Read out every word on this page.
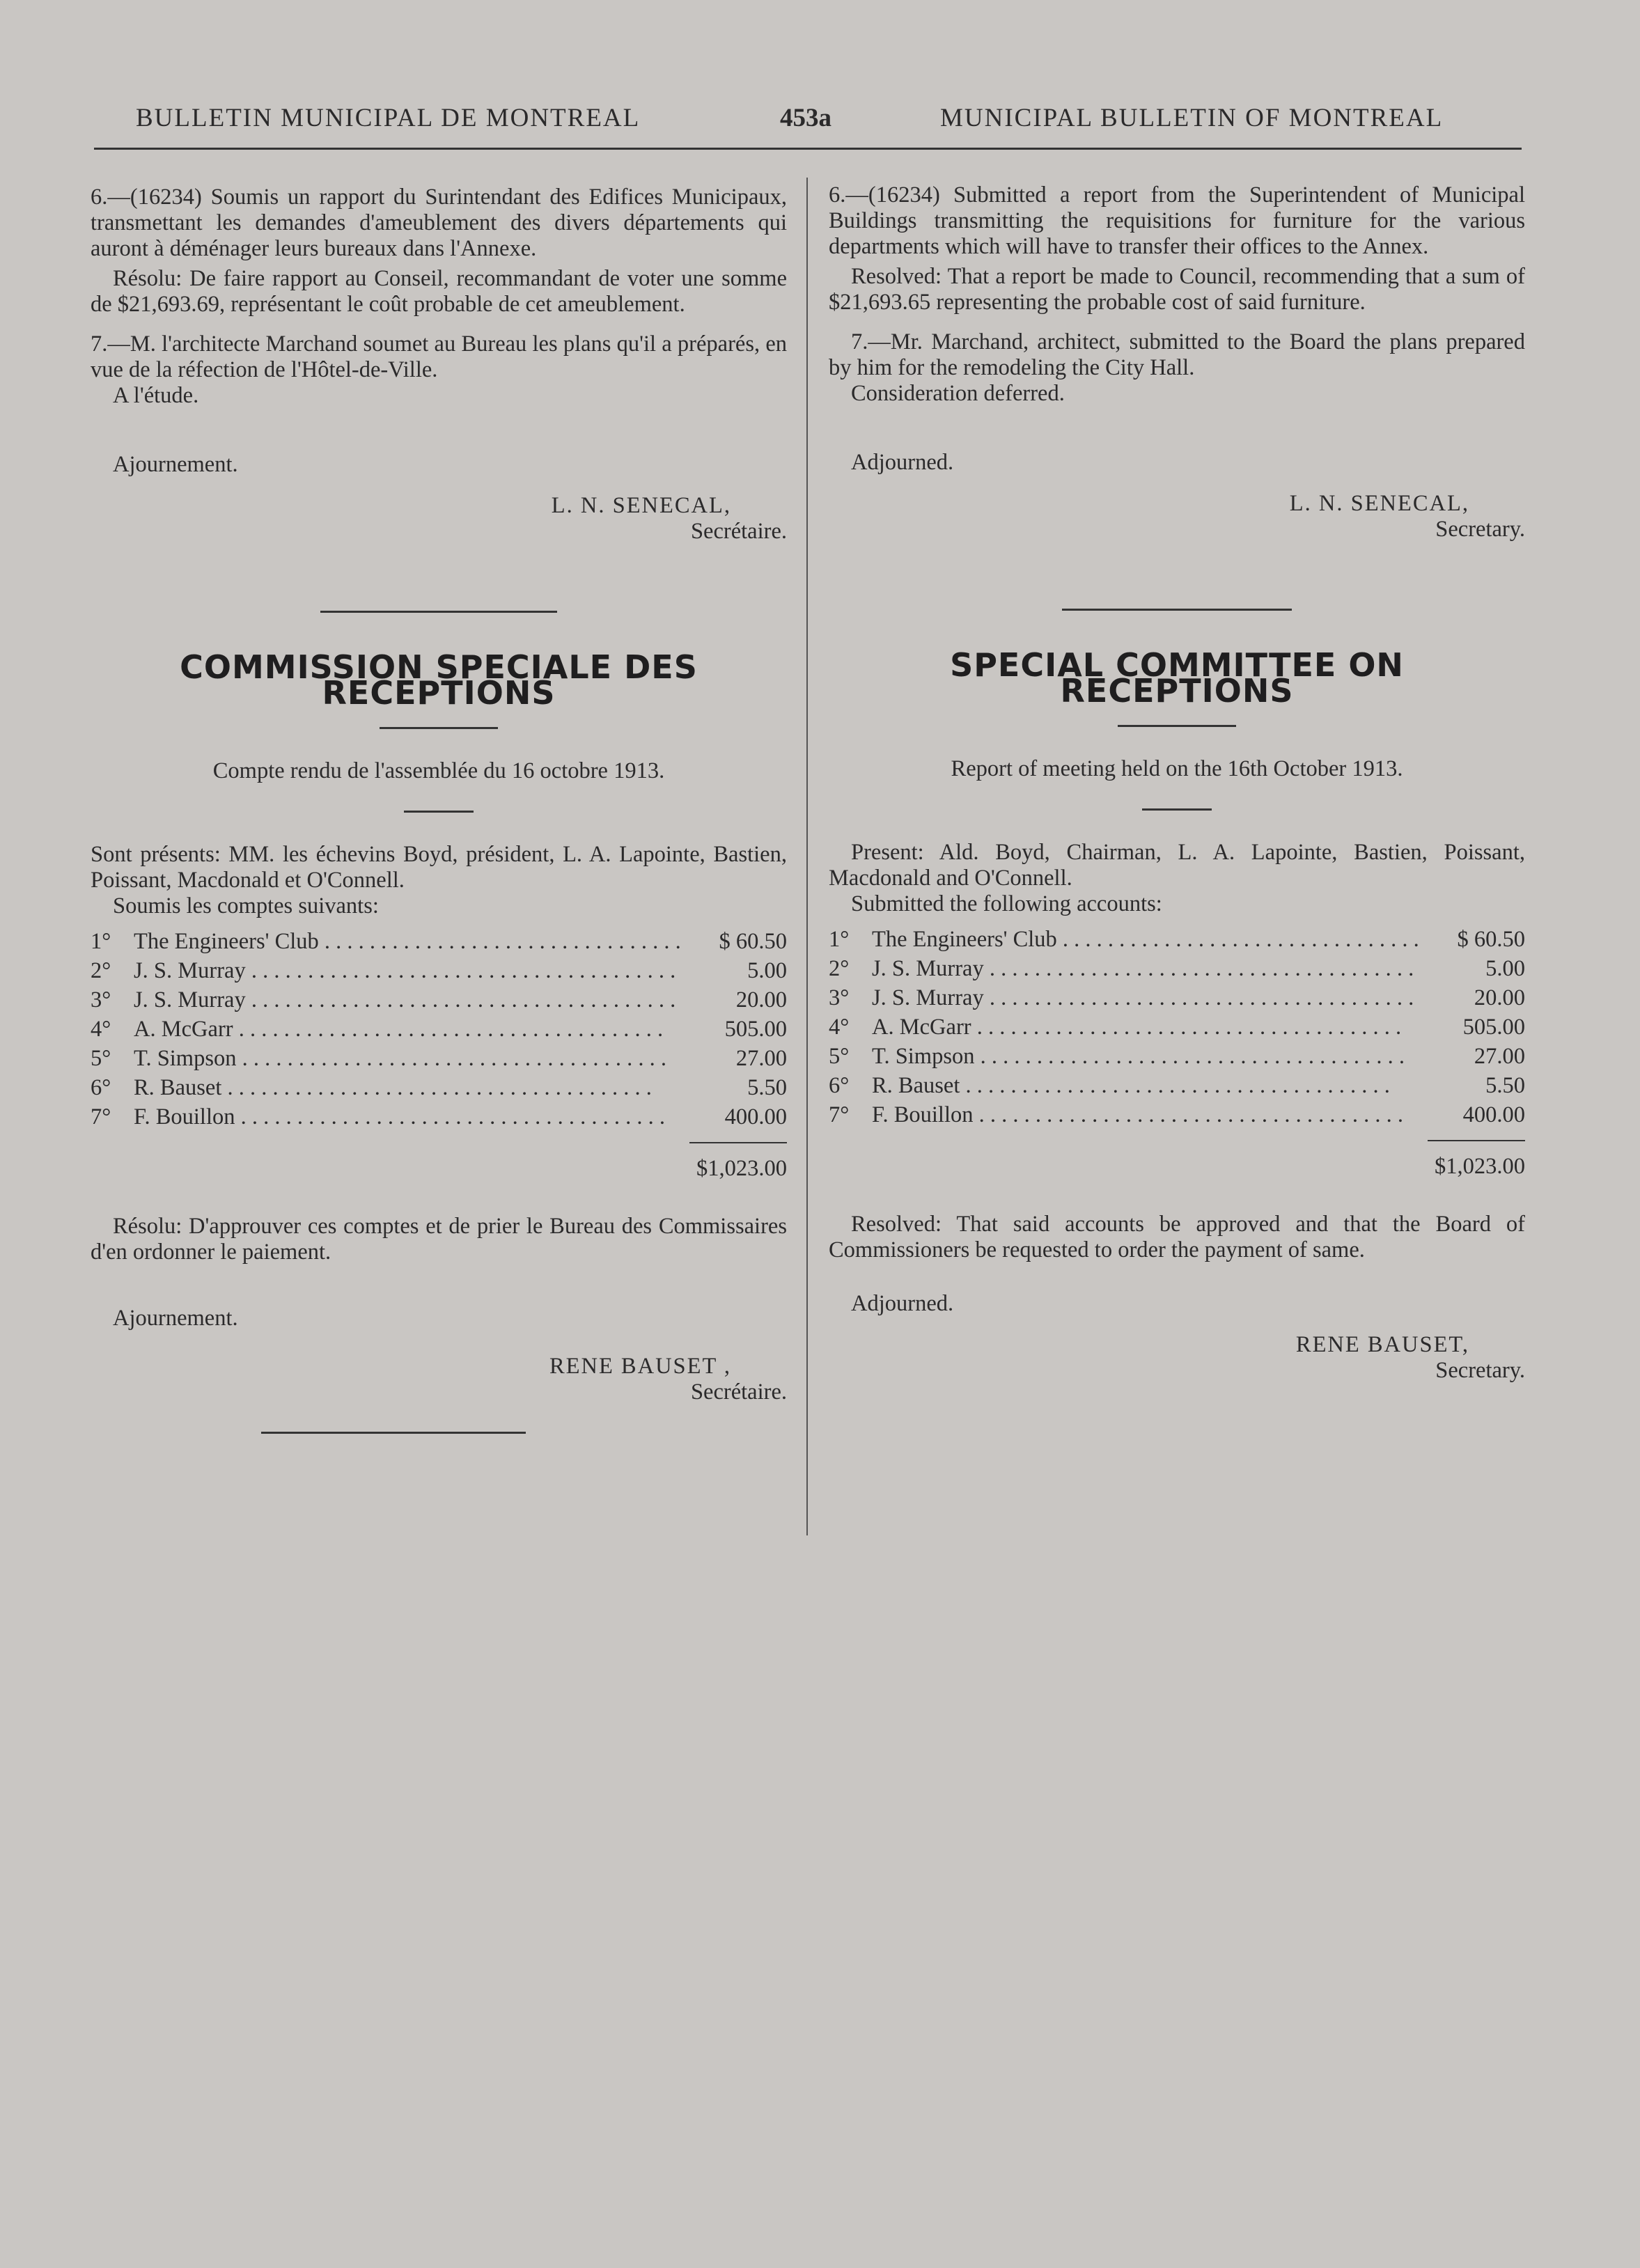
BULLETIN MUNICIPAL DE MONTREAL	453a	MUNICIPAL BULLETIN OF MONTREAL

6.—(16234) Soumis un rapport du Surintendant des Edifices Municipaux, transmettant les demandes d'ameublement des divers départements qui auront à déménager leurs bureaux dans l'Annexe.

Résolu: De faire rapport au Conseil, recommandant de voter une somme de $21,693.69, représentant le coût probable de cet ameublement.

7.—M. l'architecte Marchand soumet au Bureau les plans qu'il a préparés, en vue de la réfection de l'Hôtel-de-Ville.

A l'étude.

Ajournement.

L. N. SENECAL,

Secrétaire.

COMMISSION SPECIALE DES RECEPTIONS

Compte rendu de l'assemblée du 16 octobre 1913.

Sont présents: MM. les échevins Boyd, président, L. A. Lapointe, Bastien, Poissant, Macdonald et O'Connell.

Soumis les comptes suivants:

1°	The Engineers' Club . . .	$ 60.50
2°	J. S. Murray . . .	5.00
3°	J. S. Murray . . .	20.00
4°	A. McGarr . . .	505.00
5°	T. Simpson . . .	27.00
6°	R. Bauset . . .	5.50
7°	F. Bouillon . . .	400.00

$1,023.00

Résolu: D'approuver ces comptes et de prier le Bureau des Commissaires d'en ordonner le paiement.

Ajournement.

RENE BAUSET ,

Secrétaire.

6.—(16234) Submitted a report from the Superintendent of Municipal Buildings transmitting the requisitions for furniture for the various departments which will have to transfer their offices to the Annex.

Resolved: That a report be made to Council, recommending that a sum of $21,693.65 representing the probable cost of said furniture.

7.—Mr. Marchand, architect, submitted to the Board the plans prepared by him for the remodeling the City Hall.

Consideration deferred.

Adjourned.

L. N. SENECAL,

Secretary.

SPECIAL COMMITTEE ON RECEPTIONS

Report of meeting held on the 16th October 1913.

Present: Ald. Boyd, Chairman, L. A. Lapointe, Bastien, Poissant, Macdonald and O'Connell.

Submitted the following accounts:

1°	The Engineers' Club . . .	$ 60.50
2°	J. S. Murray . . .	5.00
3°	J. S. Murray . . .	20.00
4°	A. McGarr . . .	505.00
5°	T. Simpson . . .	27.00
6°	R. Bauset . . .	5.50
7°	F. Bouillon . . .	400.00

$1,023.00

Resolved: That said accounts be approved and that the Board of Commissioners be requested to order the payment of same.

Adjourned.

RENE BAUSET,

Secretary.
